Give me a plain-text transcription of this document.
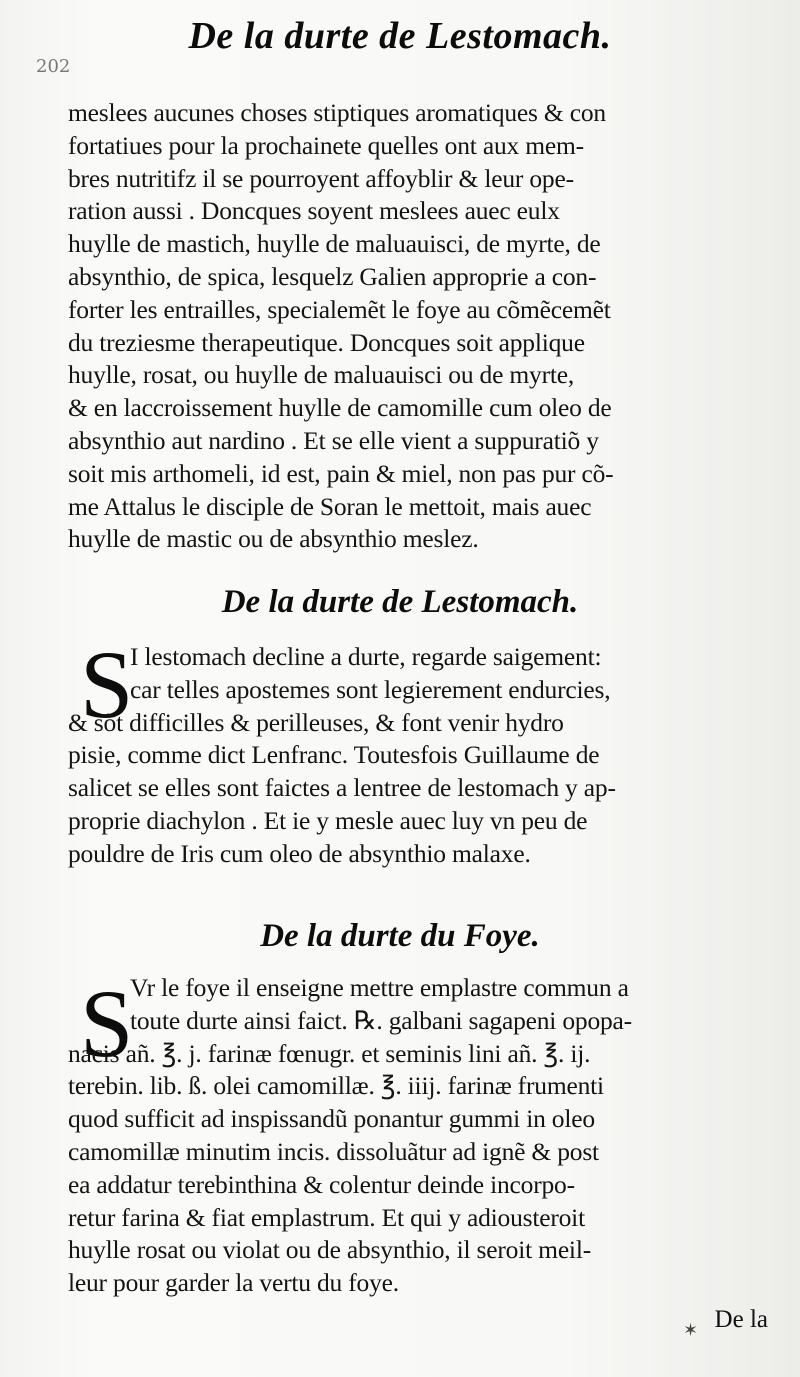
202
De la durte de Lestomach.
meslees aucunes choses stiptiques aromatiques & con
fortatiues pour la prochainete quelles ont aux mem-
bres nutritifz il se pourroyent affoyblir & leur ope-
ration aussi . Doncques soyent meslees auec eulx
huylle de mastich, huylle de maluauisci, de myrte, de
absynthio, de spica, lesquelz Galien approprie a con-
forter les entrailles, specialemẽt le foye au cõmẽcemẽt
du treziesme therapeutique. Doncques soit applique
huylle, rosat, ou huylle de maluauisci ou de myrte,
& en laccroissement huylle de camomille cum oleo de
absynthio aut nardino . Et se elle vient a suppuratiõ y
soit mis arthomeli, id est, pain & miel, non pas pur cõ-
me Attalus le disciple de Soran le mettoit, mais auec
huylle de mastic ou de absynthio meslez.
De la durte de Lestomach.
S
I lestomach decline a durte, regarde saigement:
car telles apostemes sont legierement endurcies,
& sõt difficilles & perilleuses, & font venir hydro
pisie, comme dict Lenfranc. Toutesfois Guillaume de
salicet se elles sont faictes a lentree de lestomach y ap-
proprie diachylon . Et ie y mesle auec luy vn peu de
pouldre de Iris cum oleo de absynthio malaxe.
De la durte du Foye.
S
Vr le foye il enseigne mettre emplastre commun a
toute durte ainsi faict. ℞. galbani sagapeni opopa-
nacis añ. ℥. j. farinæ fœnugr. et seminis lini añ. ℥. ij.
terebin. lib. ß. olei camomillæ. ℥. iiij. farinæ frumenti
quod sufficit ad inspissandũ ponantur gummi in oleo
camomillæ minutim incis. dissoluãtur ad ignẽ & post
ea addatur terebinthina & colentur deinde incorpo-
retur farina & fiat emplastrum. Et qui y adiousteroit
huylle rosat ou violat ou de absynthio, il seroit meil-
leur pour garder la vertu du foye.
✶ De la
